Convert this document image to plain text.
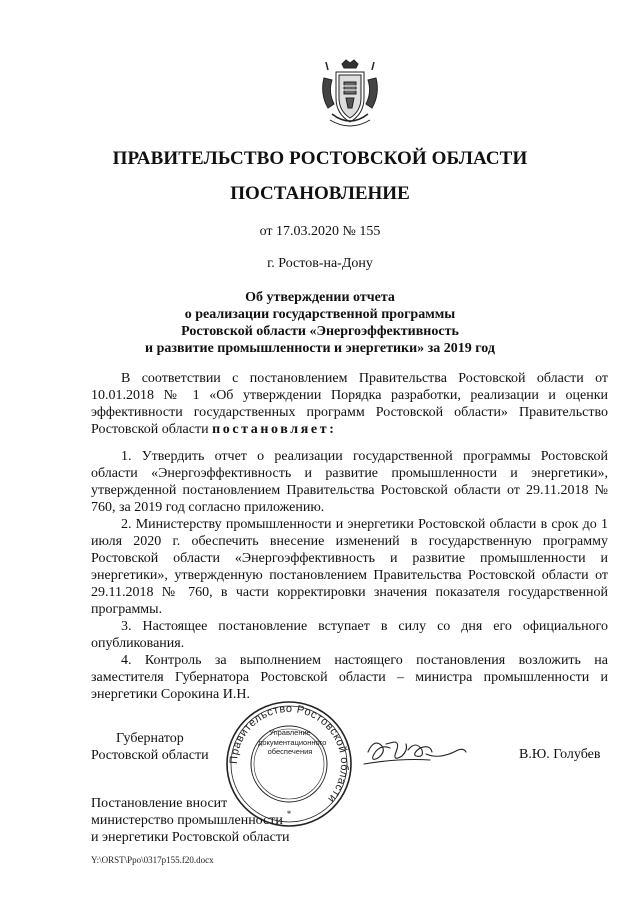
ПРАВИТЕЛЬСТВО РОСТОВСКОЙ ОБЛАСТИ
ПОСТАНОВЛЕНИЕ
от 17.03.2020 № 155
г. Ростов-на-Дону
Об утверждении отчета
о реализации государственной программы
Ростовской области «Энергоэффективность
и развитие промышленности и энергетики» за 2019 год

В соответствии с постановлением Правительства Ростовской области от 10.01.2018 № 1 «Об утверждении Порядка разработки, реализации и оценки эффективности государственных программ Ростовской области» Правительство Ростовской области постановляет:

1. Утвердить отчет о реализации государственной программы Ростовской области «Энергоэффективность и развитие промышленности и энергетики», утвержденной постановлением Правительства Ростовской области от 29.11.2018 № 760, за 2019 год согласно приложению.

2. Министерству промышленности и энергетики Ростовской области в срок до 1 июля 2020 г. обеспечить внесение изменений в государственную программу Ростовской области «Энергоэффективность и развитие промышленности и энергетики», утвержденную постановлением Правительства Ростовской области от 29.11.2018 № 760, в части корректировки значения показателя государственной программы.

3. Настоящее постановление вступает в силу со дня его официального опубликования.

4. Контроль за выполнением настоящего постановления возложить на заместителя Губернатора Ростовской области – министра промышленности и энергетики Сорокина И.Н.

Губернатор
Ростовской области Правительство Ростовской области
*
Управление
документационного
обеспечения	В.Ю. Голубев
Постановление вносит
министерство промышленности
и энергетики Ростовской области
Y:\ORST\Ppo\0317p155.f20.docx
